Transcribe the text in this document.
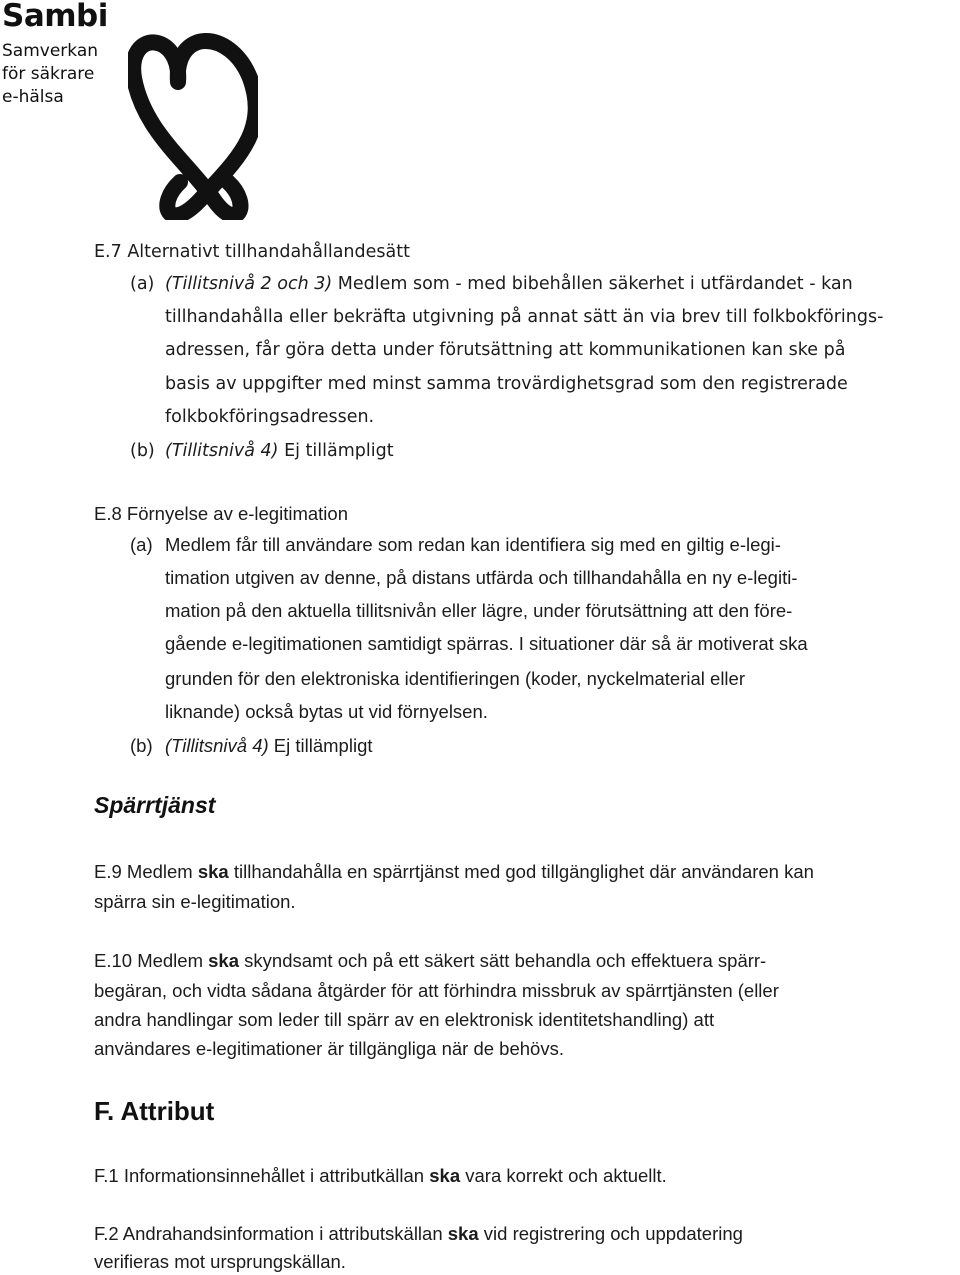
Sambi
Samverkan
för säkrare
e-hälsa
E.7 Alternativt tillhandahållandesätt
(a) (Tillitsnivå 2 och 3) Medlem som - med bibehållen säkerhet i utfärdandet - kan
tillhandahålla eller bekräfta utgivning på annat sätt än via brev till folkbokförings-
adressen, får göra detta under förutsättning att kommunikationen kan ske på
basis av uppgifter med minst samma trovärdighetsgrad som den registrerade
folkbokföringsadressen.
(b) (Tillitsnivå 4) Ej tillämpligt
E.8 Förnyelse av e-legitimation
(a) Medlem får till användare som redan kan identifiera sig med en giltig e-legi-
timation utgiven av denne, på distans utfärda och tillhandahålla en ny e-legiti-
mation på den aktuella tillitsnivån eller lägre, under förutsättning att den före-
gående e-legitimationen samtidigt spärras. I situationer där så är motiverat ska
grunden för den elektroniska identifieringen (koder, nyckelmaterial eller
liknande) också bytas ut vid förnyelsen.
(b) (Tillitsnivå 4) Ej tillämpligt
Spärrtjänst
E.9 Medlem ska tillhandahålla en spärrtjänst med god tillgänglighet där användaren kan
spärra sin e-legitimation.
E.10 Medlem ska skyndsamt och på ett säkert sätt behandla och effektuera spärr-
begäran, och vidta sådana åtgärder för att förhindra missbruk av spärrtjänsten (eller
andra handlingar som leder till spärr av en elektronisk identitetshandling) att
användares e-legitimationer är tillgängliga när de behövs.
F. Attribut
F.1 Informationsinnehållet i attributkällan ska vara korrekt och aktuellt.
F.2 Andrahandsinformation i attributskällan ska vid registrering och uppdatering
verifieras mot ursprungskällan.
